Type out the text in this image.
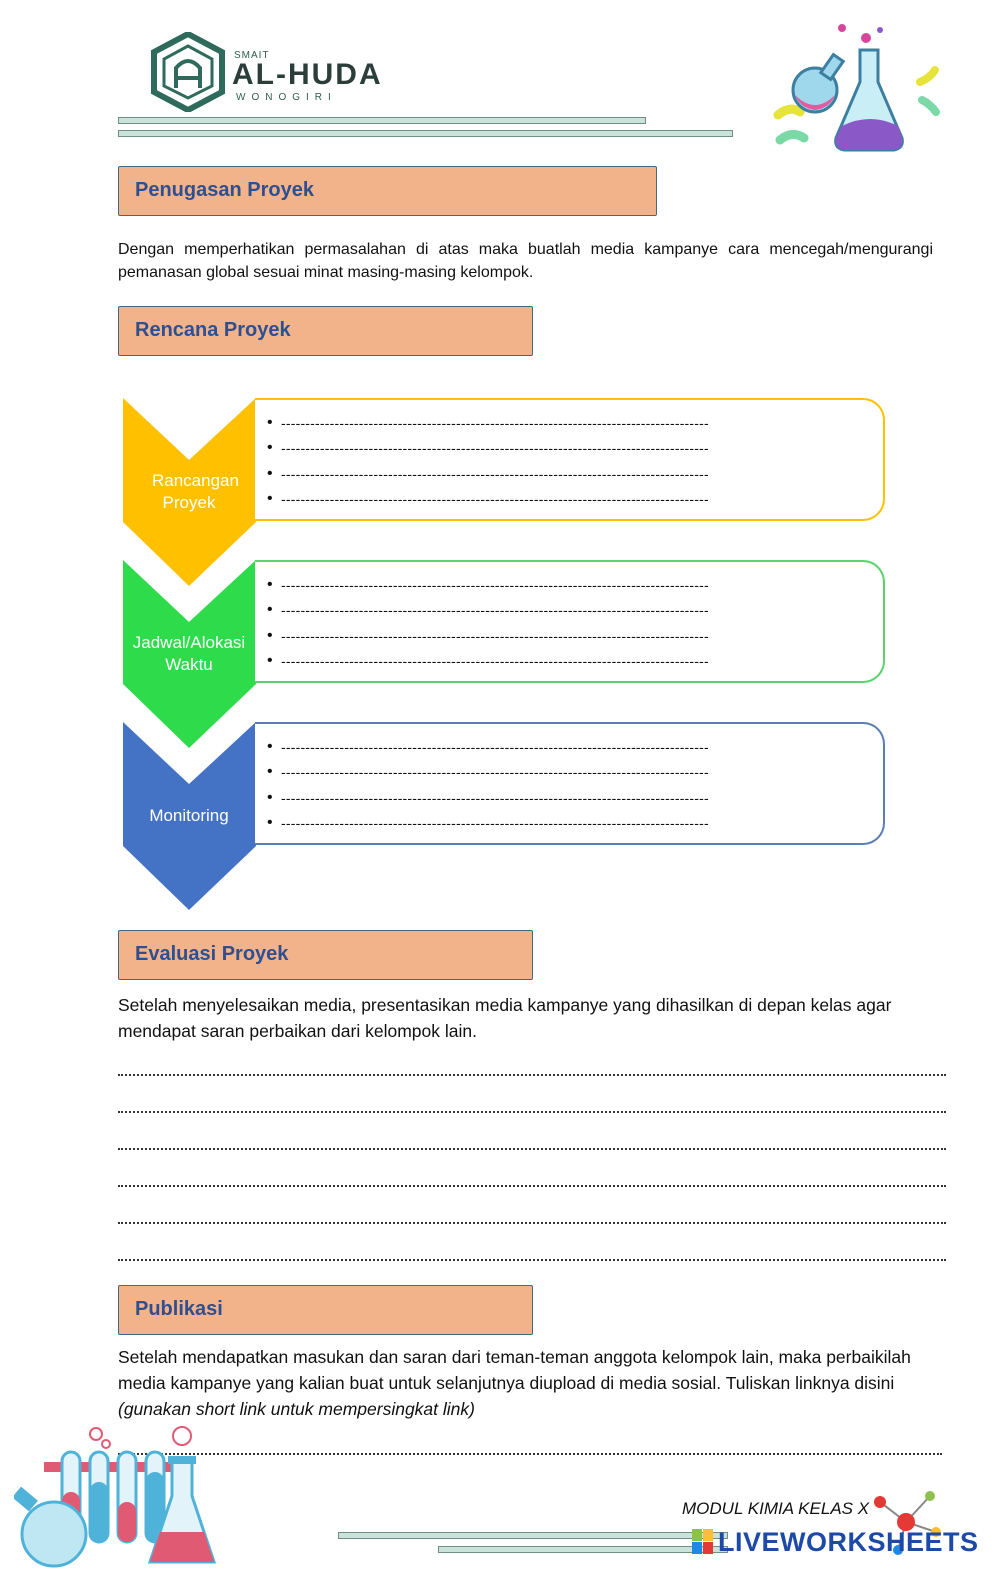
SMAIT
AL-HUDA
WONOGIRI
Penugasan Proyek
Dengan memperhatikan permasalahan di atas maka buatlah media kampanye cara mencegah/mengurangi pemanasan global sesuai minat masing-masing kelompok.
Rencana Proyek
Rancangan Proyek
Jadwal/Alokasi Waktu
Monitoring
• ----------------------------------------------------------------------------------------
• ----------------------------------------------------------------------------------------
• ----------------------------------------------------------------------------------------
• ----------------------------------------------------------------------------------------
• ----------------------------------------------------------------------------------------
• ----------------------------------------------------------------------------------------
• ----------------------------------------------------------------------------------------
• ----------------------------------------------------------------------------------------
• ----------------------------------------------------------------------------------------
• ----------------------------------------------------------------------------------------
• ----------------------------------------------------------------------------------------
• ----------------------------------------------------------------------------------------
Evaluasi Proyek
Setelah menyelesaikan media, presentasikan media kampanye yang dihasilkan di depan kelas agar mendapat saran perbaikan dari kelompok lain.
Publikasi
Setelah mendapatkan masukan dan saran dari teman-teman anggota kelompok lain, maka perbaikilah media kampanye yang kalian buat untuk selanjutnya diupload di media sosial. Tuliskan linknya disini (gunakan short link untuk mempersingkat link)
MODUL KIMIA KELAS X
LIVEWORKSHEETS
